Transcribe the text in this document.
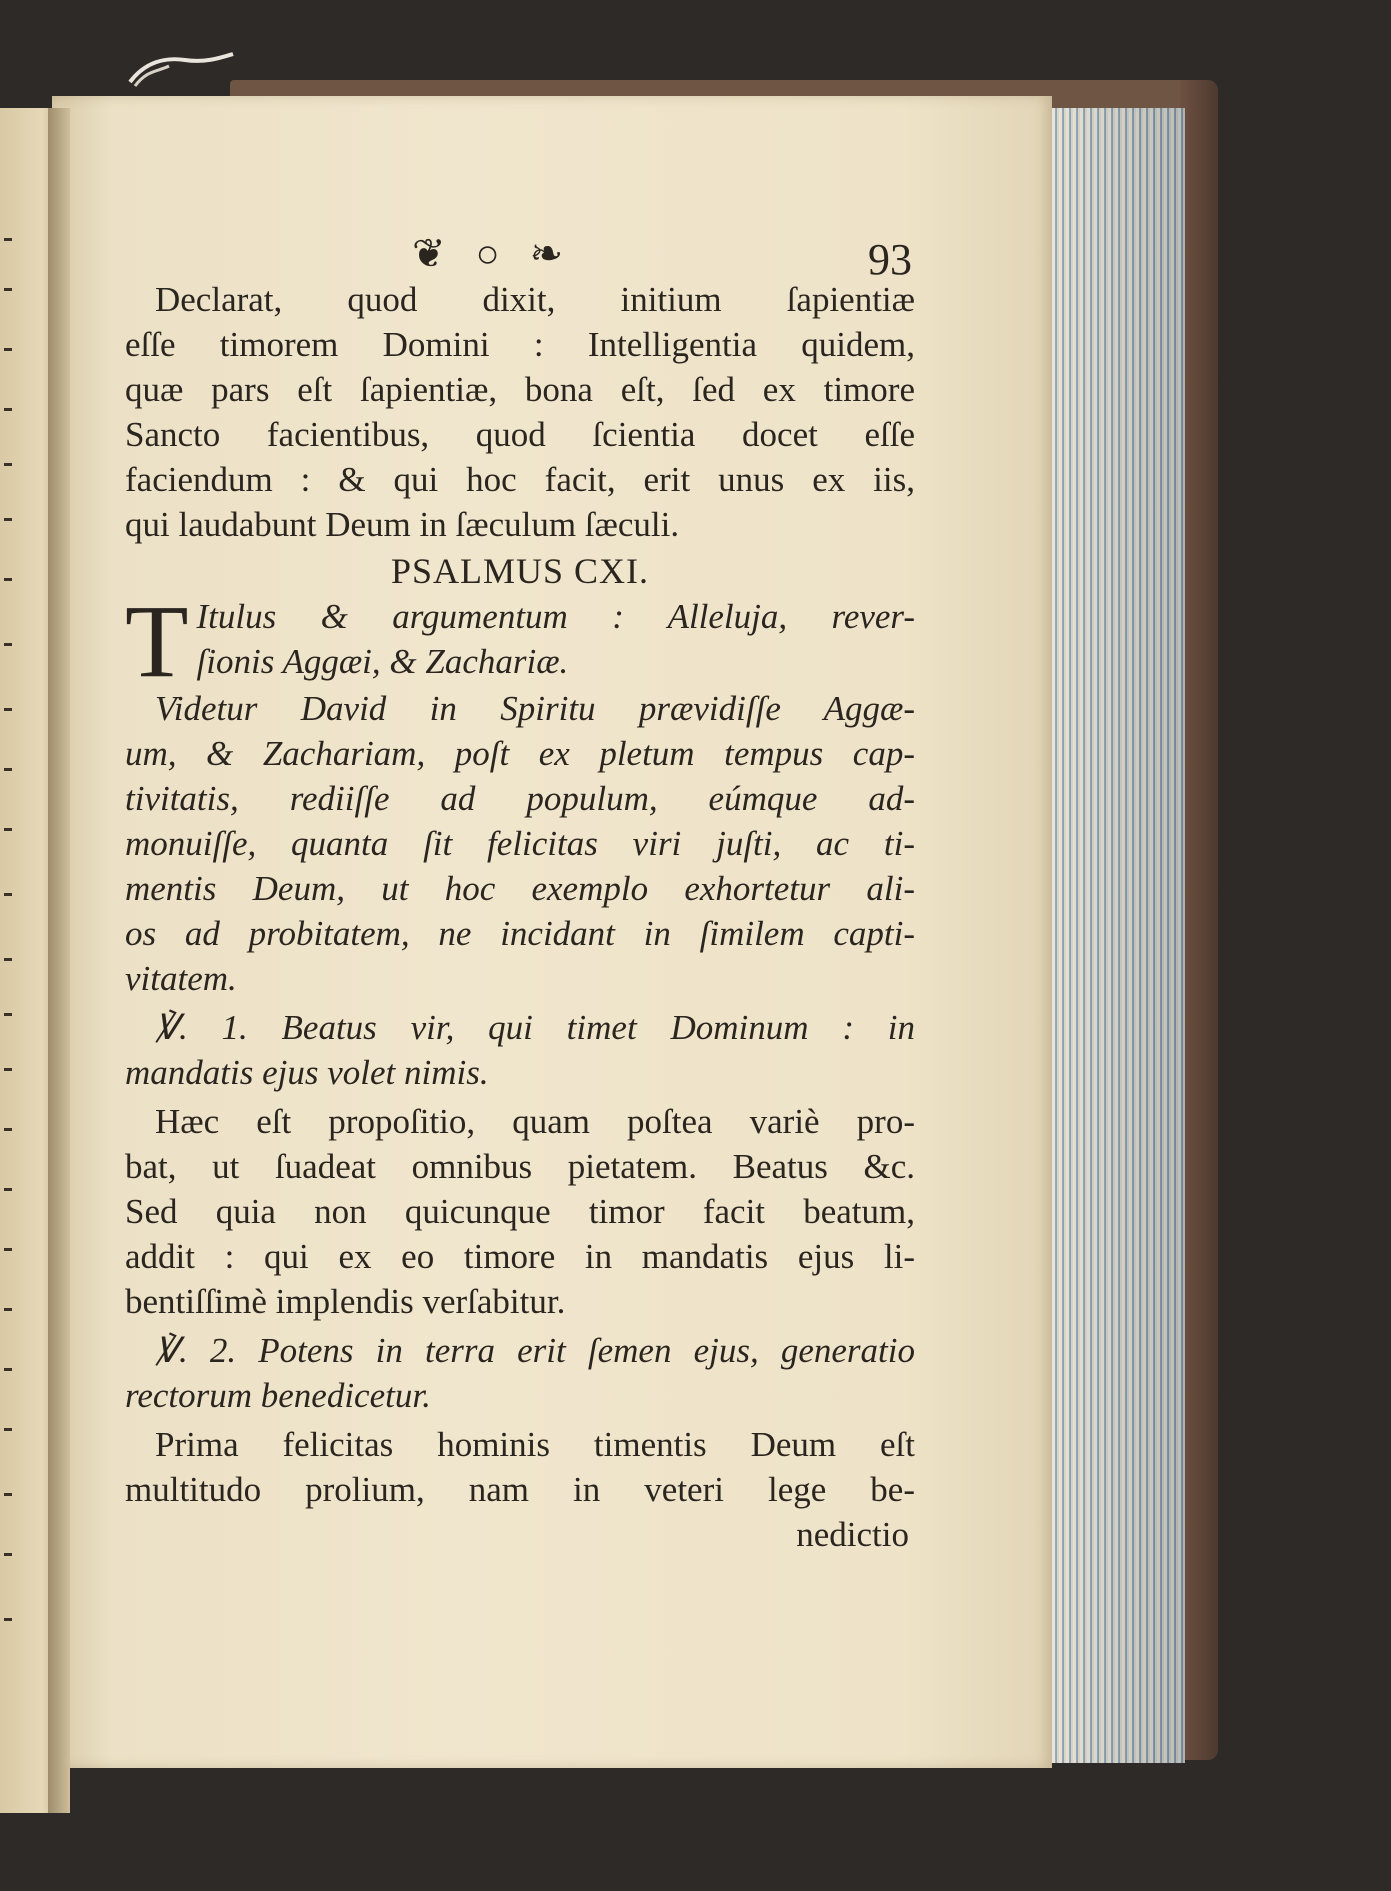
❦ ○ ❧	93
Declarat, quod dixit, initium ſapientiæ
eſſe timorem Domini : Intelligentia quidem,
quæ pars eſt ſapientiæ, bona eſt, ſed ex timore
Sancto facientibus, quod ſcientia docet eſſe
faciendum : & qui hoc facit, erit unus ex iis,
qui laudabunt Deum in ſæculum ſæculi.
PSALMUS CXI.
T Itulus & argumentum : Alleluja, rever-
ſionis Aggæi, & Zachariæ.
Videtur David in Spiritu prævidiſſe Aggæ-
um, & Zachariam, poſt ex pletum tempus cap-
tivitatis, rediiſſe ad populum, eúmque ad-
monuiſſe, quanta ſit felicitas viri juſti, ac ti-
mentis Deum, ut hoc exemplo exhortetur ali-
os ad probitatem, ne incidant in ſimilem capti-
vitatem.
℣. 1. Beatus vir, qui timet Dominum : in
mandatis ejus volet nimis.
Hæc eſt propoſitio, quam poſtea variè pro-
bat, ut ſuadeat omnibus pietatem. Beatus &c.
Sed quia non quicunque timor facit beatum,
addit : qui ex eo timore in mandatis ejus li-
bentiſſimè implendis verſabitur.
℣. 2. Potens in terra erit ſemen ejus, generatio
rectorum benedicetur.
Prima felicitas hominis timentis Deum eſt
multitudo prolium, nam in veteri lege be-
nedictio
